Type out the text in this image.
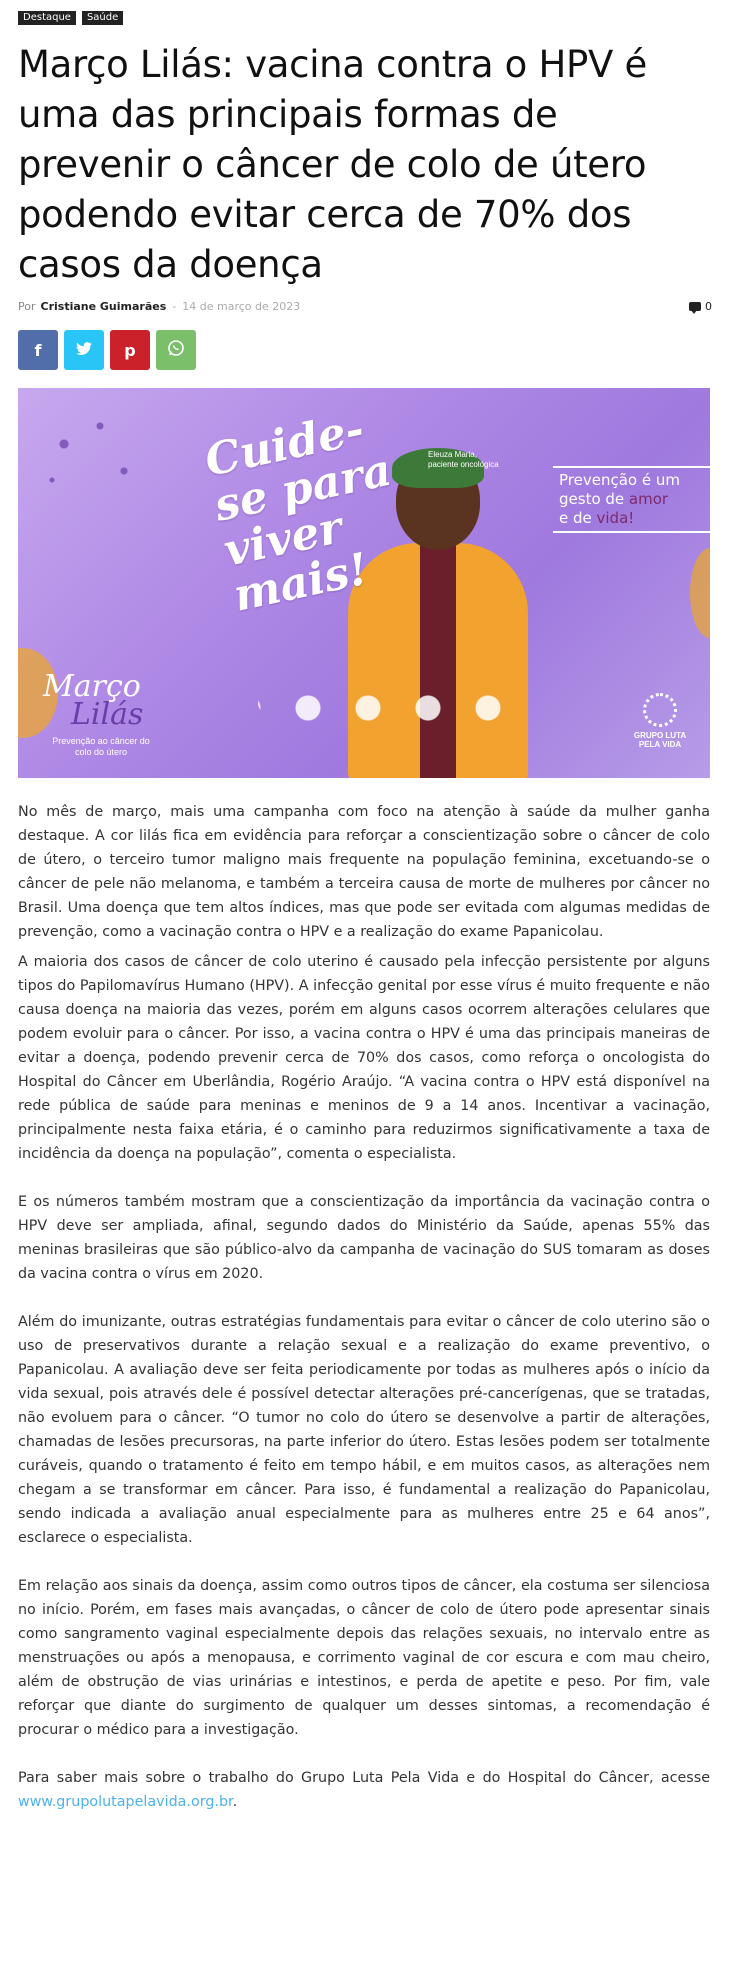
Destaque	Saúde
Março Lilás: vacina contra o HPV é uma das principais formas de prevenir o câncer de colo de útero podendo evitar cerca de 70% dos casos da doença
Por Cristiane Guimarães - 14 de março de 2023	0
f	p
Cuide-se para viver mais!
Eleuza Maria,
paciente oncológica
Prevenção é um
gesto de amor
e de vida!
Março
Lilás
Prevenção ao câncer do colo do útero
GRUPO LUTA PELA VIDA

No mês de março, mais uma campanha com foco na atenção à saúde da mulher ganha destaque. A cor lilás fica em evidência para reforçar a conscientização sobre o câncer de colo de útero, o terceiro tumor maligno mais frequente na população feminina, excetuando-se o câncer de pele não melanoma, e também a terceira causa de morte de mulheres por câncer no Brasil. Uma doença que tem altos índices, mas que pode ser evitada com algumas medidas de prevenção, como a vacinação contra o HPV e a realização do exame Papanicolau.

A maioria dos casos de câncer de colo uterino é causado pela infecção persistente por alguns tipos do Papilomavírus Humano (HPV). A infecção genital por esse vírus é muito frequente e não causa doença na maioria das vezes, porém em alguns casos ocorrem alterações celulares que podem evoluir para o câncer. Por isso, a vacina contra o HPV é uma das principais maneiras de evitar a doença, podendo prevenir cerca de 70% dos casos, como reforça o oncologista do Hospital do Câncer em Uberlândia, Rogério Araújo. “A vacina contra o HPV está disponível na rede pública de saúde para meninas e meninos de 9 a 14 anos. Incentivar a vacinação, principalmente nesta faixa etária, é o caminho para reduzirmos significativamente a taxa de incidência da doença na população”, comenta o especialista.

E os números também mostram que a conscientização da importância da vacinação contra o HPV deve ser ampliada, afinal, segundo dados do Ministério da Saúde, apenas 55% das meninas brasileiras que são público-alvo da campanha de vacinação do SUS tomaram as doses da vacina contra o vírus em 2020.

Além do imunizante, outras estratégias fundamentais para evitar o câncer de colo uterino são o uso de preservativos durante a relação sexual e a realização do exame preventivo, o Papanicolau. A avaliação deve ser feita periodicamente por todas as mulheres após o início da vida sexual, pois através dele é possível detectar alterações pré-cancerígenas, que se tratadas, não evoluem para o câncer. “O tumor no colo do útero se desenvolve a partir de alterações, chamadas de lesões precursoras, na parte inferior do útero. Estas lesões podem ser totalmente curáveis, quando o tratamento é feito em tempo hábil, e em muitos casos, as alterações nem chegam a se transformar em câncer. Para isso, é fundamental a realização do Papanicolau, sendo indicada a avaliação anual especialmente para as mulheres entre 25 e 64 anos”, esclarece o especialista.

Em relação aos sinais da doença, assim como outros tipos de câncer, ela costuma ser silenciosa no início. Porém, em fases mais avançadas, o câncer de colo de útero pode apresentar sinais como sangramento vaginal especialmente depois das relações sexuais, no intervalo entre as menstruações ou após a menopausa, e corrimento vaginal de cor escura e com mau cheiro, além de obstrução de vias urinárias e intestinos, e perda de apetite e peso. Por fim, vale reforçar que diante do surgimento de qualquer um desses sintomas, a recomendação é procurar o médico para a investigação.

Para saber mais sobre o trabalho do Grupo Luta Pela Vida e do Hospital do Câncer, acesse www.grupolutapelavida.org.br.
